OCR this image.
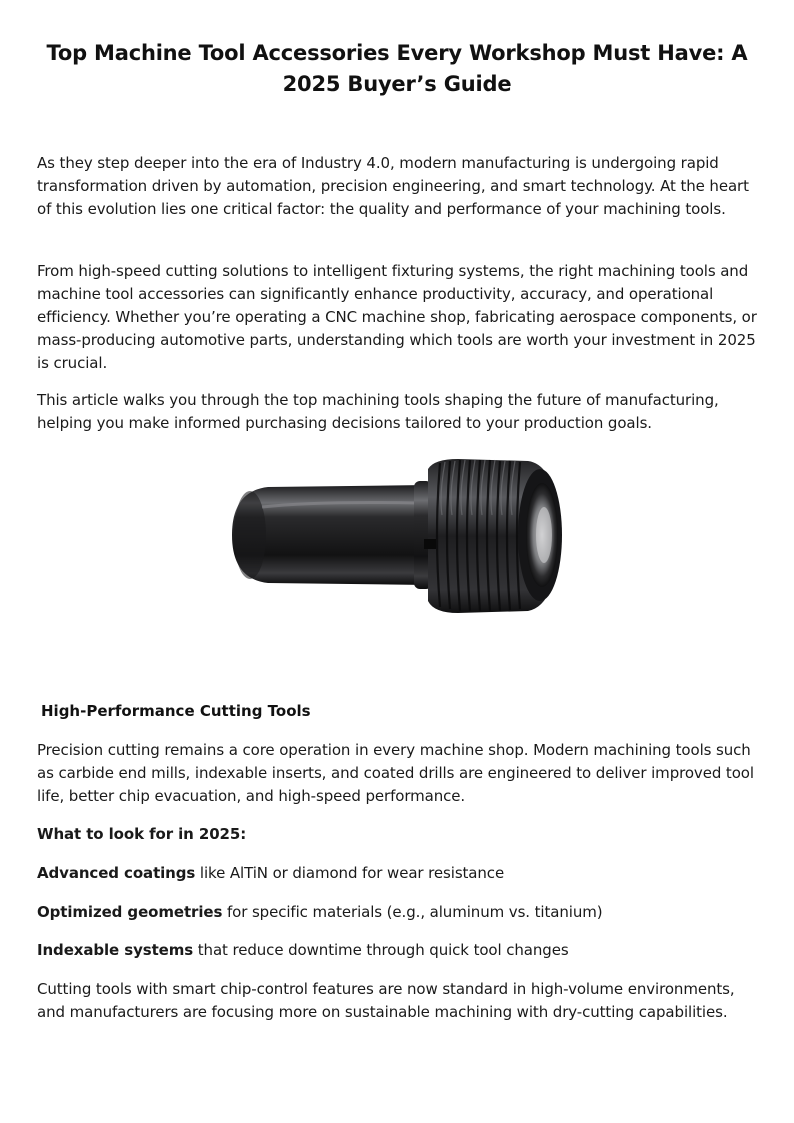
Top Machine Tool Accessories Every Workshop Must Have: A 2025 Buyer’s Guide

As they step deeper into the era of Industry 4.0, modern manufacturing is undergoing rapid transformation driven by automation, precision engineering, and smart technology. At the heart of this evolution lies one critical factor: the quality and performance of your machining tools.

From high-speed cutting solutions to intelligent fixturing systems, the right machining tools and machine tool accessories can significantly enhance productivity, accuracy, and operational efficiency. Whether you’re operating a CNC machine shop, fabricating aerospace components, or mass-producing automotive parts, understanding which tools are worth your investment in 2025 is crucial.

This article walks you through the top machining tools shaping the future of manufacturing, helping you make informed purchasing decisions tailored to your production goals.

High-Performance Cutting Tools

Precision cutting remains a core operation in every machine shop. Modern machining tools such as carbide end mills, indexable inserts, and coated drills are engineered to deliver improved tool life, better chip evacuation, and high-speed performance.

What to look for in 2025:

Advanced coatings like AlTiN or diamond for wear resistance

Optimized geometries for specific materials (e.g., aluminum vs. titanium)

Indexable systems that reduce downtime through quick tool changes

Cutting tools with smart chip-control features are now standard in high-volume environments, and manufacturers are focusing more on sustainable machining with dry-cutting capabilities.
